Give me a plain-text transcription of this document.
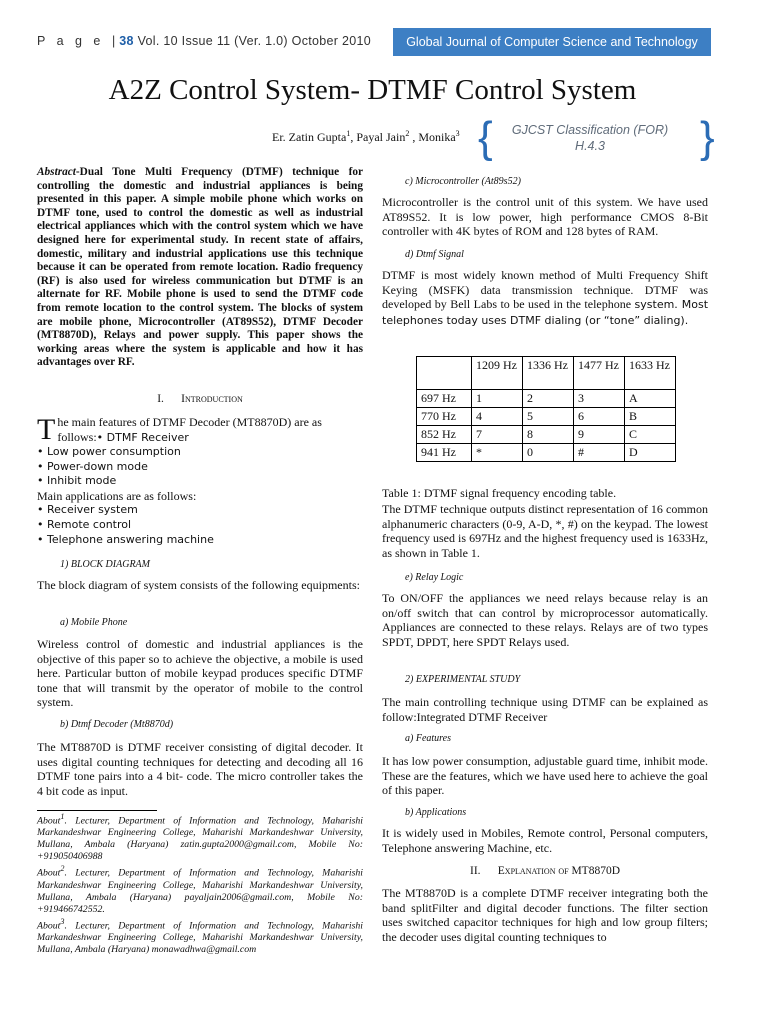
P a g e | 38 Vol. 10 Issue 11 (Ver. 1.0) October 2010	Global Journal of Computer Science and Technology
A2Z Control System- DTMF Control System
Er. Zatin Gupta$^1$, Payal Jain$^2$ , Monika$^3$ {	GJCST Classification (FOR)
H.4.3	}
Abstract-Dual Tone Multi Frequency (DTMF) technique for controlling the domestic and industrial appliances is being presented in this paper. A simple mobile phone which works on DTMF tone, used to control the domestic as well as industrial electrical appliances which with the control system which we have designed here for experimental study. In recent state of affairs, domestic, military and industrial applications use this technique because it can be operated from remote location. Radio frequency (RF) is also used for wireless communication but DTMF is an alternate for RF. Mobile phone is used to send the DTMF code from remote location to the control system. The blocks of system are mobile phone, Microcontroller (AT89S52), DTMF Decoder (MT8870D), Relays and power supply. This paper shows the working areas where the system is applicable and how it has advantages over RF.
I. Introduction
T he main features of DTMF Decoder (MT8870D) are as follows:• DTMF Receiver
• Low power consumption
• Power-down mode
• Inhibit mode
Main applications are as follows:
• Receiver system
• Remote control
• Telephone answering machine
1) BLOCK DIAGRAM

The block diagram of system consists of the following equipments:

a) Mobile Phone

Wireless control of domestic and industrial appliances is the objective of this paper so to achieve the objective, a mobile is used here. Particular button of mobile keypad produces specific DTMF tone that will transmit by the operator of mobile to the control system.

b) Dtmf Decoder (Mt8870d)

The MT8870D is DTMF receiver consisting of digital decoder. It uses digital counting techniques for detecting and decoding all 16 DTMF tone pairs into a 4 bit- code. The micro controller takes the 4 bit code as input.

About$^1$. Lecturer, Department of Information and Technology, Maharishi Markandeshwar Engineering College, Maharishi Markandeshwar University, Mullana, Ambala (Haryana) zatin.gupta2000@gmail.com, Mobile No: +919050406988
About$^2$. Lecturer, Department of Information and Technology, Maharishi Markandeshwar Engineering College, Maharishi Markandeshwar University, Mullana, Ambala (Haryana) payaljain2006@gmail.com, Mobile No: +919466742552.
About$^3$. Lecturer, Department of Information and Technology, Maharishi Markandeshwar Engineering College, Maharishi Markandeshwar University, Mullana, Ambala (Haryana) monawadhwa@gmail.com
c) Microcontroller (At89s52)

Microcontroller is the control unit of this system. We have used AT89S52. It is low power, high performance CMOS 8-Bit controller with 4K bytes of ROM and 128 bytes of RAM.

d) Dtmf Signal

DTMF is most widely known method of Multi Frequency Shift Keying (MSFK) data transmission technique. DTMF was developed by Bell Labs to be used in the telephone system. Most telephones today uses DTMF dialing (or “tone” dialing).

	1209 Hz	1336 Hz	1477 Hz	1633 Hz
697 Hz	1	2	3	A
770 Hz	4	5	6	B
852 Hz	7	8	9	C
941 Hz	*	0	#	D
Table 1: DTMF signal frequency encoding table.

The DTMF technique outputs distinct representation of 16 common alphanumeric characters (0-9, A-D, *, #) on the keypad. The lowest frequency used is 697Hz and the highest frequency used is 1633Hz, as shown in Table 1.

e) Relay Logic

To ON/OFF the appliances we need relays because relay is an on/off switch that can control by microprocessor automatically. Appliances are connected to these relays. Relays are of two types SPDT, DPDT, here SPDT Relays used.

2) EXPERIMENTAL STUDY

The main controlling technique using DTMF can be explained as follow:Integrated DTMF Receiver

a) Features

It has low power consumption, adjustable guard time, inhibit mode. These are the features, which we have used here to achieve the goal of this paper.

b) Applications

It is widely used in Mobiles, Remote control, Personal computers, Telephone answering Machine, etc.

II. Explanation of MT8870D

The MT8870D is a complete DTMF receiver integrating both the band splitFilter and digital decoder functions. The filter section uses switched capacitor techniques for high and low group filters; the decoder uses digital counting techniques to
